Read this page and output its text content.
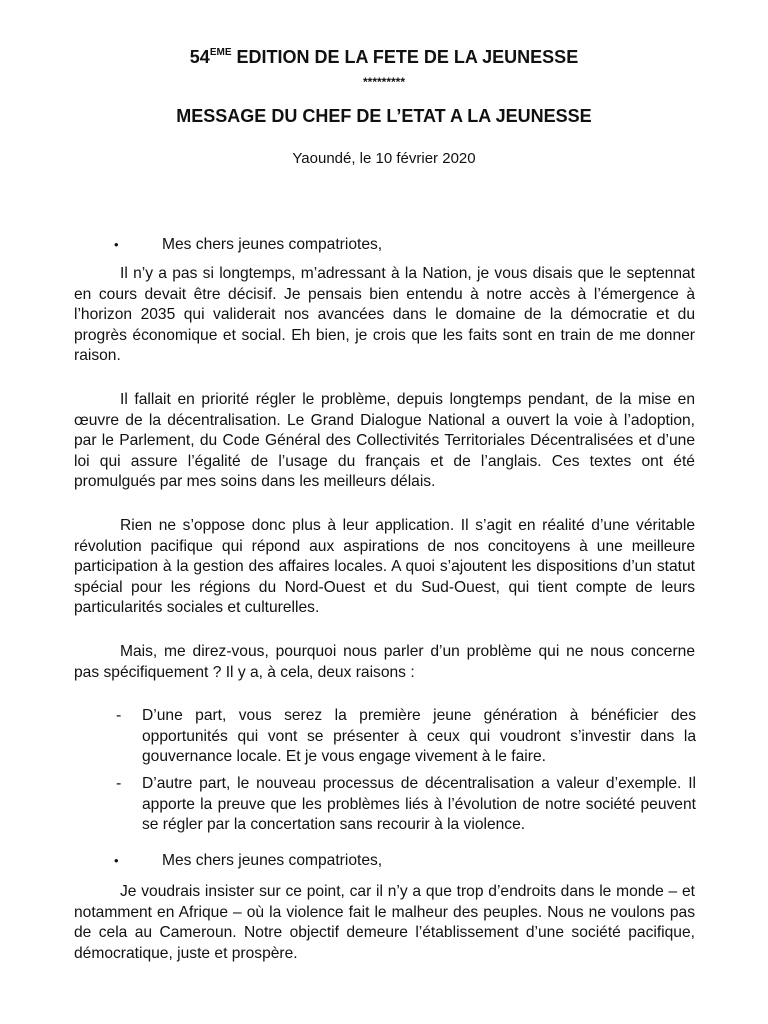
54EME EDITION DE LA FETE DE LA JEUNESSE
*********
MESSAGE DU CHEF DE L’ETAT A LA JEUNESSE
Yaoundé, le 10 février 2020
•	Mes chers jeunes compatriotes,

Il n’y a pas si longtemps, m’adressant à la Nation, je vous disais que le septennat en cours devait être décisif. Je pensais bien entendu à notre accès à l’émergence à l’horizon 2035 qui validerait nos avancées dans le domaine de la démocratie et du progrès économique et social. Eh bien, je crois que les faits sont en train de me donner raison.

Il fallait en priorité régler le problème, depuis longtemps pendant, de la mise en œuvre de la décentralisation. Le Grand Dialogue National a ouvert la voie à l’adoption, par le Parlement, du Code Général des Collectivités Territoriales Décentralisées et d’une loi qui assure l’égalité de l’usage du français et de l’anglais. Ces textes ont été promulgués par mes soins dans les meilleurs délais.

Rien ne s’oppose donc plus à leur application. Il s’agit en réalité d’une véritable révolution pacifique qui répond aux aspirations de nos concitoyens à une meilleure participation à la gestion des affaires locales. A quoi s’ajoutent les dispositions d’un statut spécial pour les régions du Nord-Ouest et du Sud-Ouest, qui tient compte de leurs particularités sociales et culturelles.

Mais, me direz-vous, pourquoi nous parler d’un problème qui ne nous concerne pas spécifiquement ? Il y a, à cela, deux raisons :

-	D’une part, vous serez la première jeune génération à bénéficier des opportunités qui vont se présenter à ceux qui voudront s’investir dans la gouvernance locale. Et je vous engage vivement à le faire.
-	D’autre part, le nouveau processus de décentralisation a valeur d’exemple. Il apporte la preuve que les problèmes liés à l’évolution de notre société peuvent se régler par la concertation sans recourir à la violence.
•	Mes chers jeunes compatriotes,

Je voudrais insister sur ce point, car il n’y a que trop d’endroits dans le monde – et notamment en Afrique – où la violence fait le malheur des peuples. Nous ne voulons pas de cela au Cameroun. Notre objectif demeure l’établissement d’une société pacifique, démocratique, juste et prospère.
